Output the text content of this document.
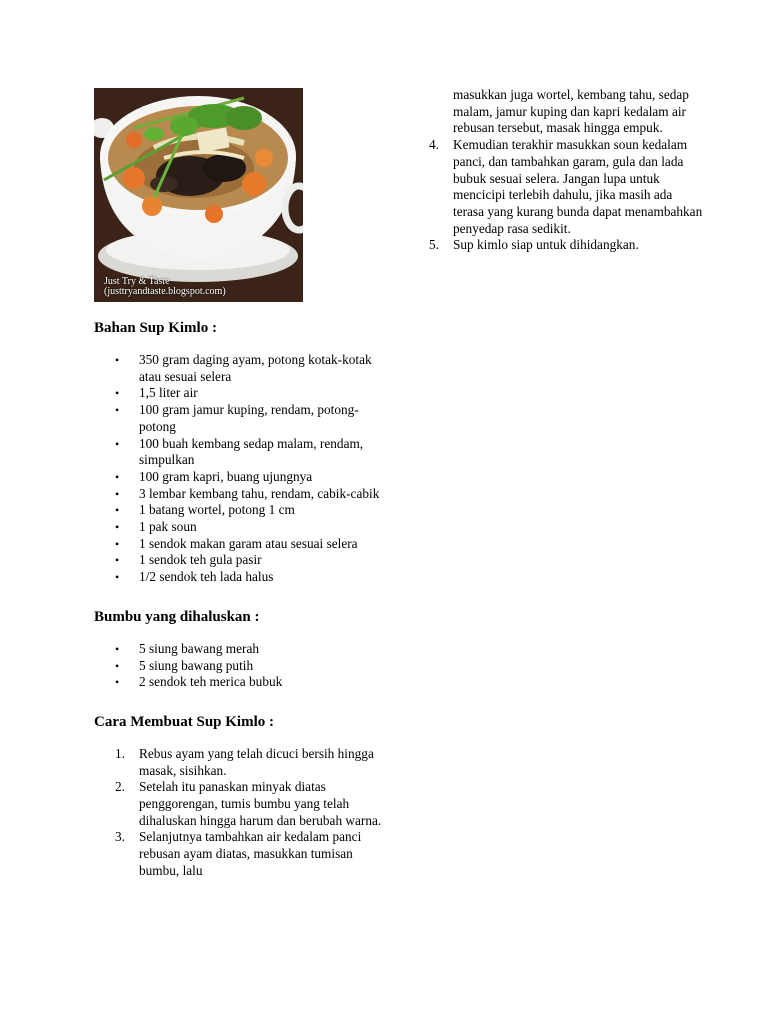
Just Try & Taste
(justtryandtaste.blogspot.com)
Bahan Sup Kimlo :
• 350 gram daging ayam, potong kotak-kotak atau sesuai selera
• 1,5 liter air
• 100 gram jamur kuping, rendam, potong-potong
• 100 buah kembang sedap malam, rendam, simpulkan
• 100 gram kapri, buang ujungnya
• 3 lembar kembang tahu, rendam, cabik-cabik
• 1 batang wortel, potong 1 cm
• 1 pak soun
• 1 sendok makan garam atau sesuai selera
• 1 sendok teh gula pasir
• 1/2 sendok teh lada halus
Bumbu yang dihaluskan :
• 5 siung bawang merah
• 5 siung bawang putih
• 2 sendok teh merica bubuk
Cara Membuat Sup Kimlo :
1. Rebus ayam yang telah dicuci bersih hingga masak, sisihkan.
2. Setelah itu panaskan minyak diatas penggorengan, tumis bumbu yang telah dihaluskan hingga harum dan berubah warna.
3. Selanjutnya tambahkan air kedalam panci rebusan ayam diatas, masukkan tumisan bumbu, lalu
masukkan juga wortel, kembang tahu, sedap malam, jamur kuping dan kapri kedalam air rebusan tersebut, masak hingga empuk.
4. Kemudian terakhir masukkan soun kedalam panci, dan tambahkan garam, gula dan lada bubuk sesuai selera. Jangan lupa untuk mencicipi terlebih dahulu, jika masih ada terasa yang kurang bunda dapat menambahkan penyedap rasa sedikit.
5. Sup kimlo siap untuk dihidangkan.
